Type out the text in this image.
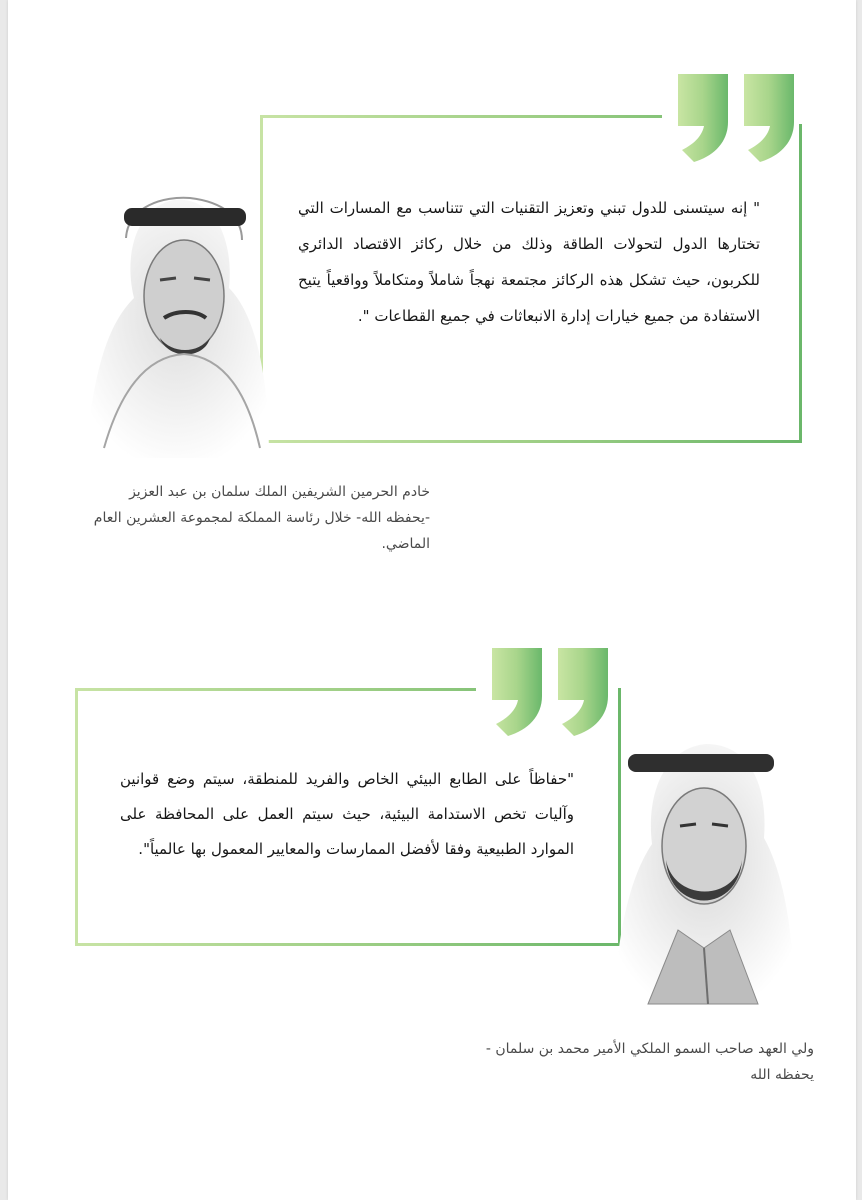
" إنه سيتسنى للدول تبني وتعزيز التقنيات التي تتناسب مع المسارات التي تختارها الدول لتحولات الطاقة وذلك من خلال ركائز الاقتصاد الدائري للكربون، حيث تشكل هذه الركائز مجتمعة نهجاً شاملاً ومتكاملاً وواقعياً يتيح الاستفادة من جميع خيارات إدارة الانبعاثات في جميع القطاعات ".

خادم الحرمين الشريفين الملك سلمان بن عبد العزيز -يحفظه الله- خلال رئاسة المملكة لمجموعة العشرين العام الماضي.

"حفاظاً على الطابع البيئي الخاص والفريد للمنطقة، سيتم وضع قوانين وآليات تخص الاستدامة البيئية، حيث سيتم العمل على المحافظة على الموارد الطبيعية وفقا لأفضل الممارسات والمعايير المعمول بها عالمياً".

ولي العهد صاحب السمو الملكي الأمير محمد بن سلمان - يحفظه الله
